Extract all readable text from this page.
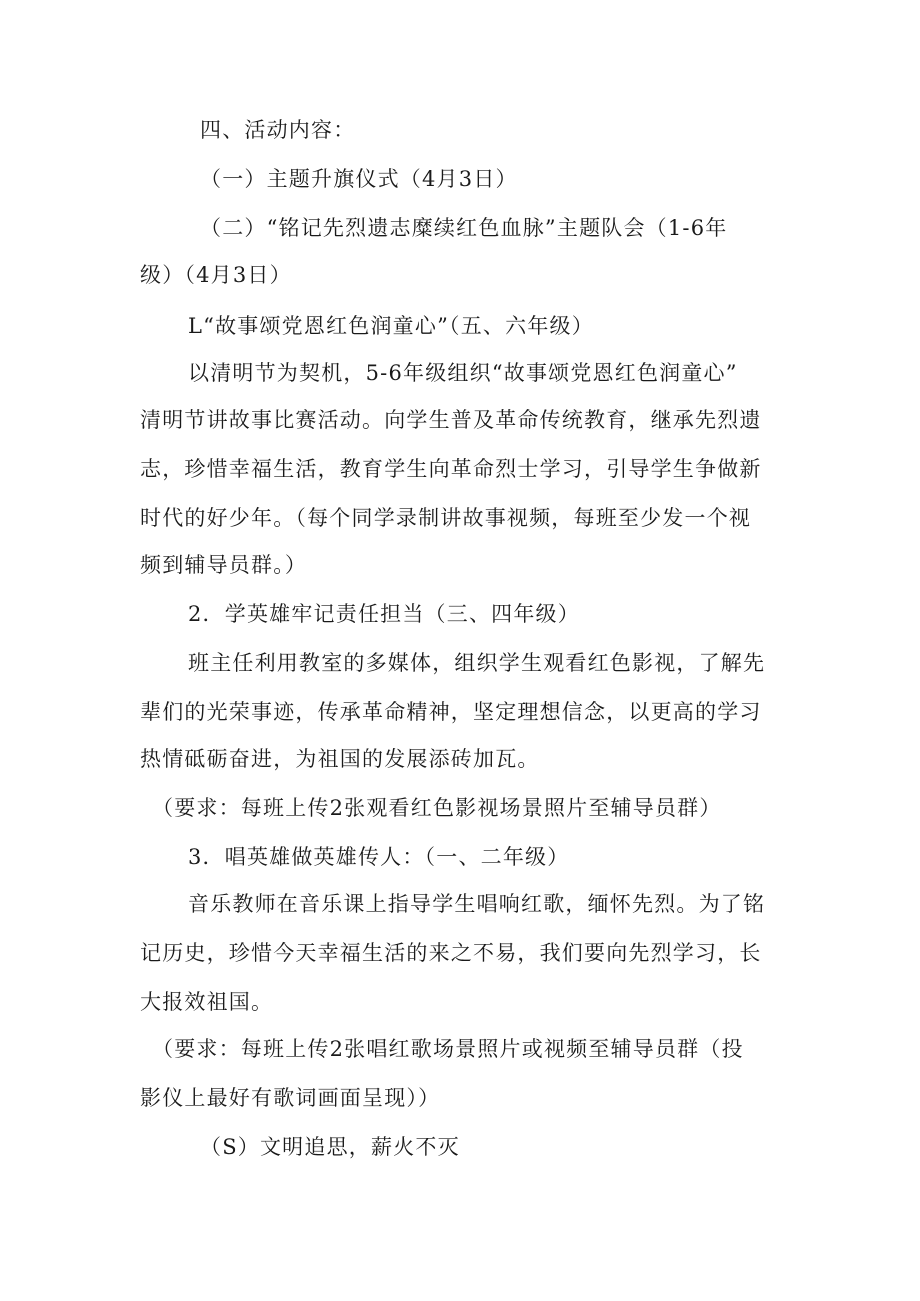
四、活动内容：
（一）主题升旗仪式（4月3日）
（二）“铭记先烈遗志糜续红色血脉”主题队会（1-6年
级）（4月3日）
L“故事颂党恩红色润童心”（五、六年级）
以清明节为契机，5-6年级组织“故事颂党恩红色润童心”
清明节讲故事比赛活动。向学生普及革命传统教育，继承先烈遗
志，珍惜幸福生活，教育学生向革命烈士学习，引导学生争做新
时代的好少年。（每个同学录制讲故事视频，每班至少发一个视
频到辅导员群。）
2．学英雄牢记责任担当（三、四年级）
班主任利用教室的多媒体，组织学生观看红色影视，了解先
辈们的光荣事迹，传承革命精神，坚定理想信念，以更高的学习
热情砥砺奋进，为祖国的发展添砖加瓦。
（要求：每班上传2张观看红色影视场景照片至辅导员群）
3．唱英雄做英雄传人：（一、二年级）
音乐教师在音乐课上指导学生唱响红歌，缅怀先烈。为了铭
记历史，珍惜今天幸福生活的来之不易，我们要向先烈学习，长
大报效祖国。
（要求：每班上传2张唱红歌场景照片或视频至辅导员群（投
影仪上最好有歌词画面呈现））
（S）文明追思，薪火不灭
